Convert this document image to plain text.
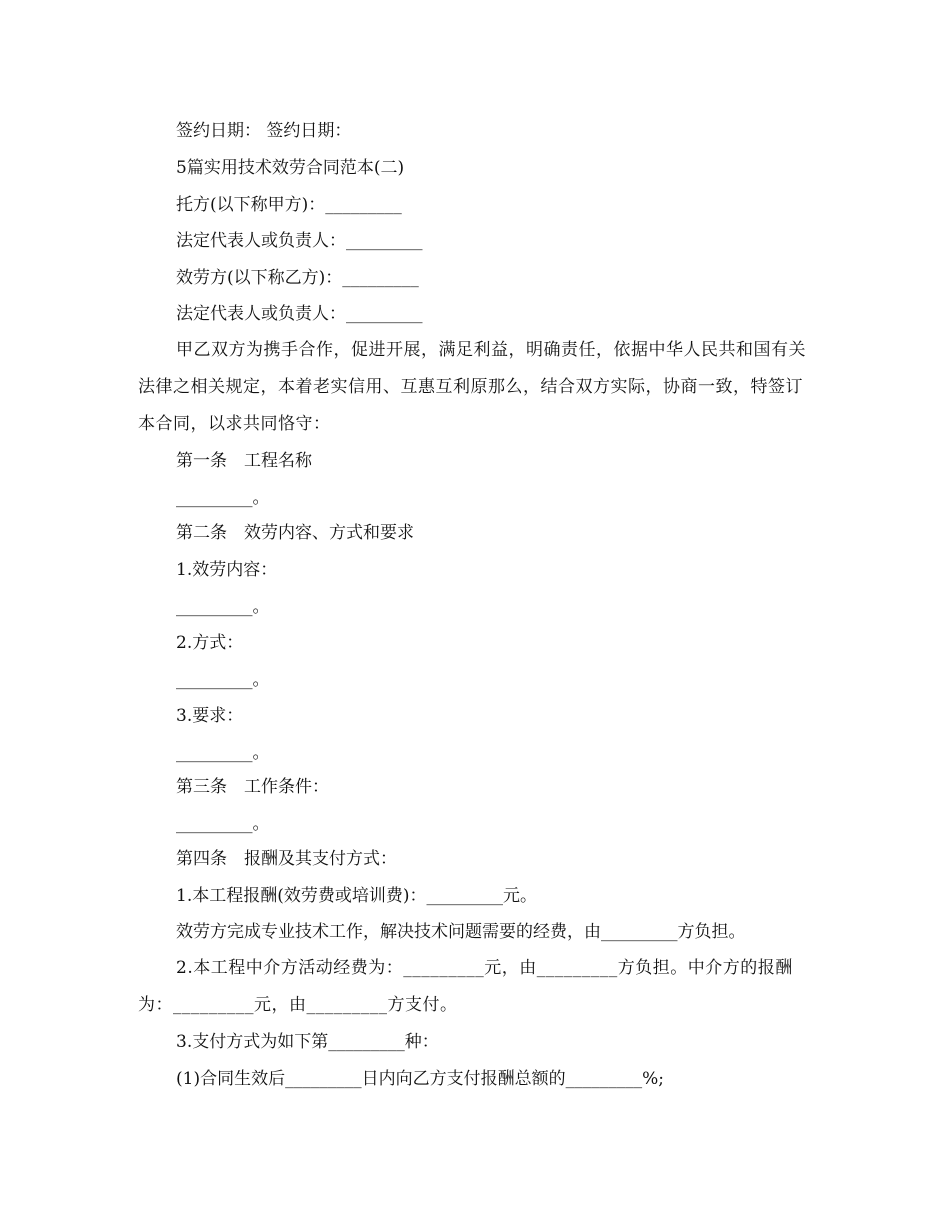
签约日期： 签约日期：
5篇实用技术效劳合同范本(二)
托方(以下称甲方)：_________
法定代表人或负责人：_________
效劳方(以下称乙方)：_________
法定代表人或负责人：_________
甲乙双方为携手合作，促进开展，满足利益，明确责任，依据中华人民共和国有关法律之相关规定，本着老实信用、互惠互利原那么，结合双方实际，协商一致，特签订本合同，以求共同恪守：
第一条　工程名称
_________。
第二条　效劳内容、方式和要求
1.效劳内容：
_________。
2.方式：
_________。
3.要求：
_________。
第三条　工作条件：
_________。
第四条　报酬及其支付方式：
1.本工程报酬(效劳费或培训费)：_________元。
效劳方完成专业技术工作，解决技术问题需要的经费，由_________方负担。
2.本工程中介方活动经费为：_________元，由_________方负担。中介方的报酬为：_________元，由_________方支付。
3.支付方式为如下第_________种：
(1)合同生效后_________日内向乙方支付报酬总额的_________%;
